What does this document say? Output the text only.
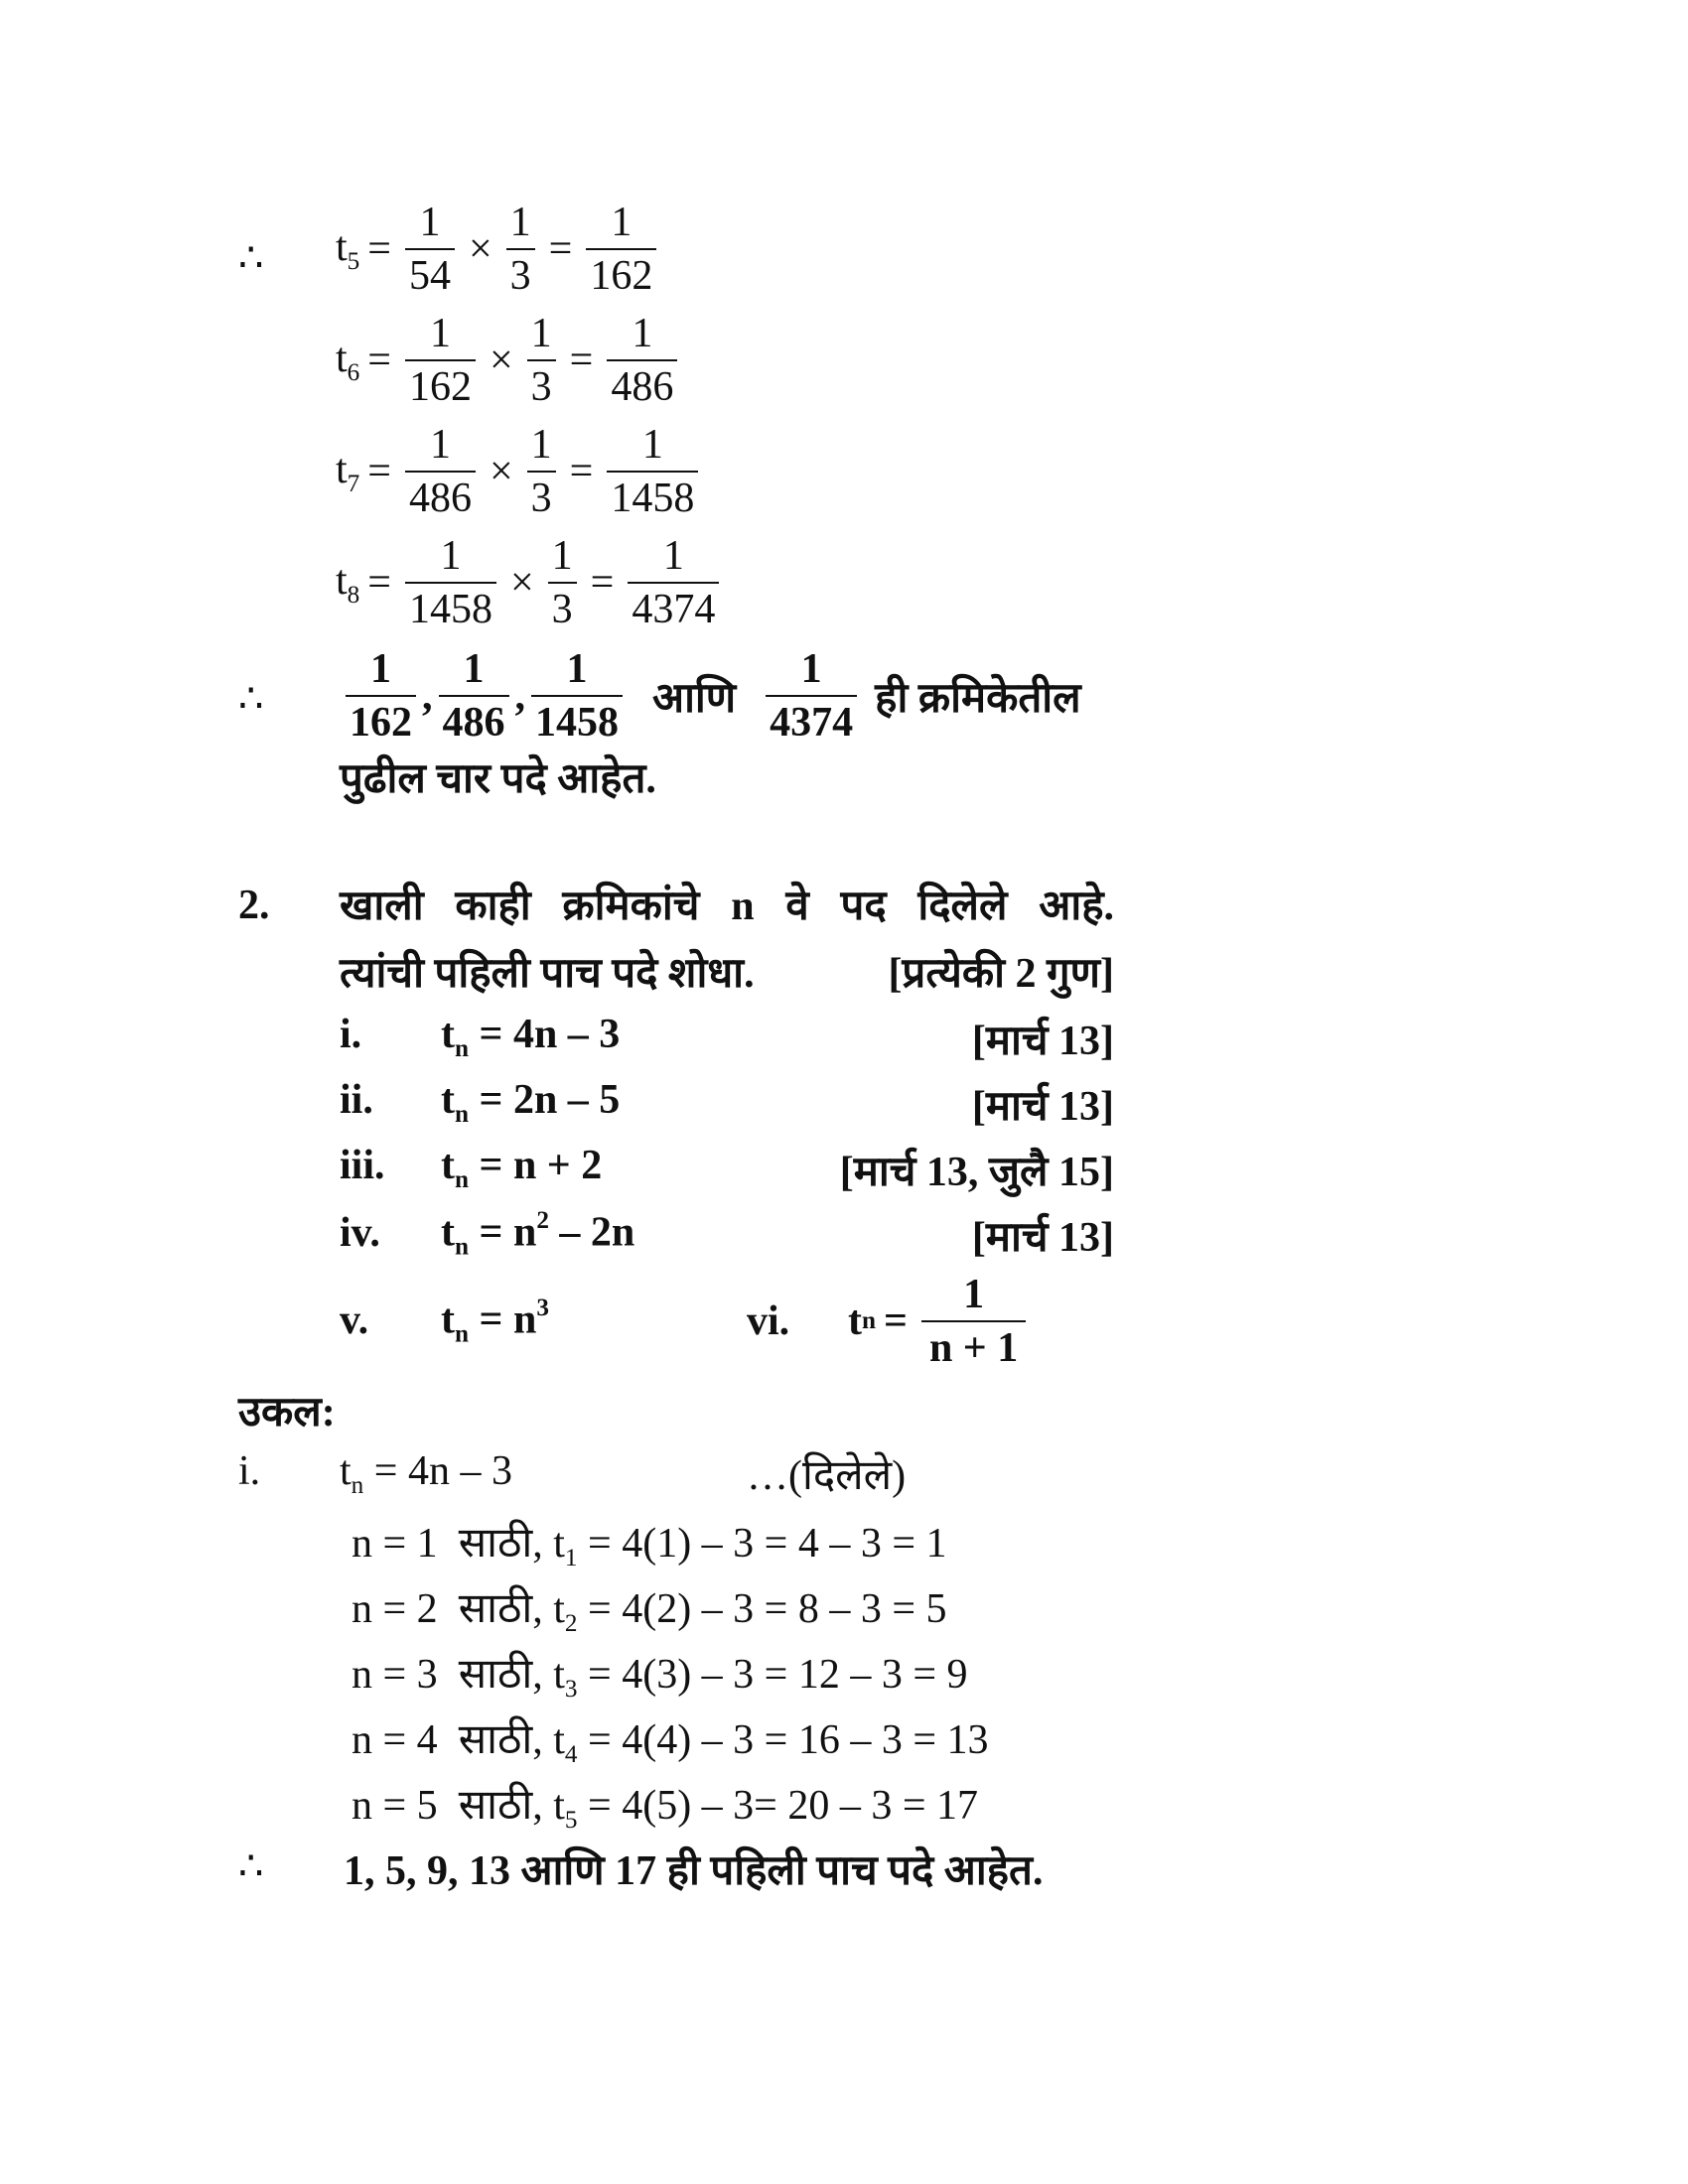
∴ $t_5 = \frac{1}{54} \times \frac{1}{3} = \frac{1}{162}$
$t_6 = \frac{1}{162} \times \frac{1}{3} = \frac{1}{486}$
$t_7 = \frac{1}{486} \times \frac{1}{3} = \frac{1}{1458}$
$t_8 = \frac{1}{1458} \times \frac{1}{3} = \frac{1}{4374}$
∴ $\frac{1}{162}$ , $\frac{1}{486}$ , $\frac{1}{1458}$ आणि $\frac{1}{4374}$ ही क्रमिकेतील
पुढील चार पदे आहेत.
2. खाली काही क्रमिकांचे n वे पद दिलेले आहे.
त्यांची पहिली पाच पदे शोधा.	[प्रत्येकी 2 गुण]
i. $t_n = 4n - 3$	[मार्च 13]
ii. $t_n = 2n - 5$	[मार्च 13]
iii. $t_n = n + 2$	[मार्च 13, जुलै 15]
iv. $t_n = n^2 - 2n$	[मार्च 13]
v. $t_n = n^3$	vi.	t $n = \frac{1}{n + 1}$
उकल:
i. $t_n = 4n - 3$	…(दिलेले)
n = 1 साठी, $t_1 = 4(1) - 3 = 4 - 3 = 1$
n = 2 साठी, $t_2 = 4(2) - 3 = 8 - 3 = 5$
n = 3 साठी, $t_3 = 4(3) - 3 = 12 - 3 = 9$
n = 4 साठी, $t_4 = 4(4) - 3 = 16 - 3 = 13$
n = 5 साठी, $t_5 = 4(5) - 3= 20 - 3 = 17$
∴ 1, 5, 9, 13 आणि 17 ही पहिली पाच पदे आहेत.
